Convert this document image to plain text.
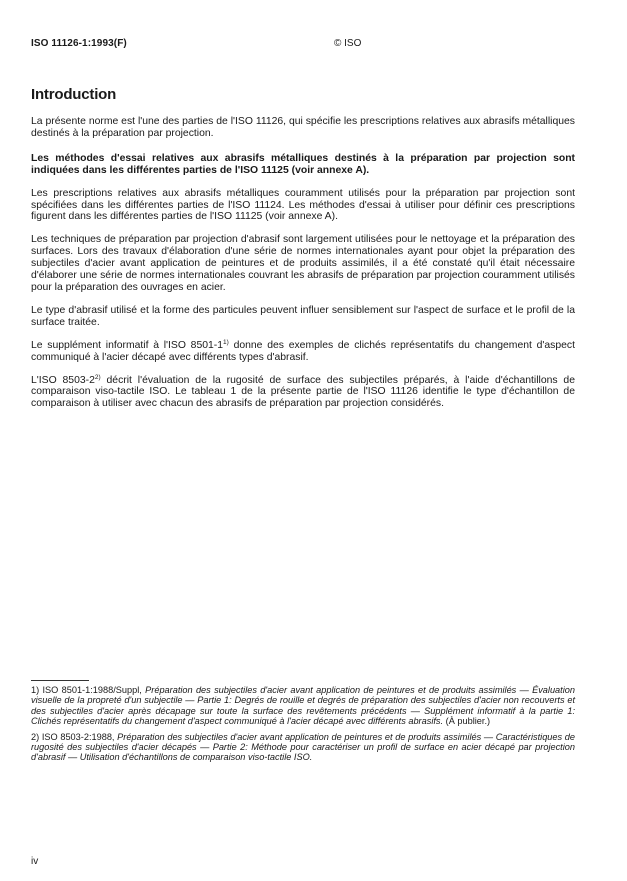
ISO 11126-1:1993(F)	© ISO
Introduction

La présente norme est l'une des parties de l'ISO 11126, qui spécifie les prescriptions relatives aux abrasifs métalliques destinés à la préparation par projection.

Les méthodes d'essai relatives aux abrasifs métalliques destinés à la préparation par projection sont indiquées dans les différentes parties de l'ISO 11125 (voir annexe A).

Les prescriptions relatives aux abrasifs métalliques couramment utilisés pour la préparation par projection sont spécifiées dans les différentes parties de l'ISO 11124. Les méthodes d'essai à utiliser pour définir ces prescriptions figurent dans les différentes parties de l'ISO 11125 (voir annexe A).

Les techniques de préparation par projection d'abrasif sont largement utilisées pour le nettoyage et la préparation des surfaces. Lors des travaux d'élaboration d'une série de normes internationales ayant pour objet la préparation des subjectiles d'acier avant application de peintures et de produits assimilés, il a été constaté qu'il était nécessaire d'élaborer une série de normes internationales couvrant les abrasifs de préparation par projection couramment utilisés pour la préparation des ouvrages en acier.

Le type d'abrasif utilisé et la forme des particules peuvent influer sensiblement sur l'aspect de surface et le profil de la surface traitée.

Le supplément informatif à l'ISO 8501-1$^{1)}$ donne des exemples de clichés représentatifs du changement d'aspect communiqué à l'acier décapé avec différents types d'abrasif.

L'ISO 8503-2$^{2)}$ décrit l'évaluation de la rugosité de surface des subjectiles préparés, à l'aide d'échantillons de comparaison viso-tactile ISO. Le tableau 1 de la présente partie de l'ISO 11126 identifie le type d'échantillon de comparaison à utiliser avec chacun des abrasifs de préparation par projection considérés.

1) ISO 8501-1:1988/Suppl, Préparation des subjectiles d'acier avant application de peintures et de produits assimilés — Évaluation visuelle de la propreté d'un subjectile — Partie 1: Degrés de rouille et degrés de préparation des subjectiles d'acier non recouverts et des subjectiles d'acier après décapage sur toute la surface des revêtements précédents — Supplément informatif à la partie 1: Clichés représentatifs du changement d'aspect communiqué à l'acier décapé avec différents abrasifs. (À publier.)

2) ISO 8503-2:1988, Préparation des subjectiles d'acier avant application de peintures et de produits assimilés — Caractéristiques de rugosité des subjectiles d'acier décapés — Partie 2: Méthode pour caractériser un profil de surface en acier décapé par projection d'abrasif — Utilisation d'échantillons de comparaison viso-tactile ISO.

iv
